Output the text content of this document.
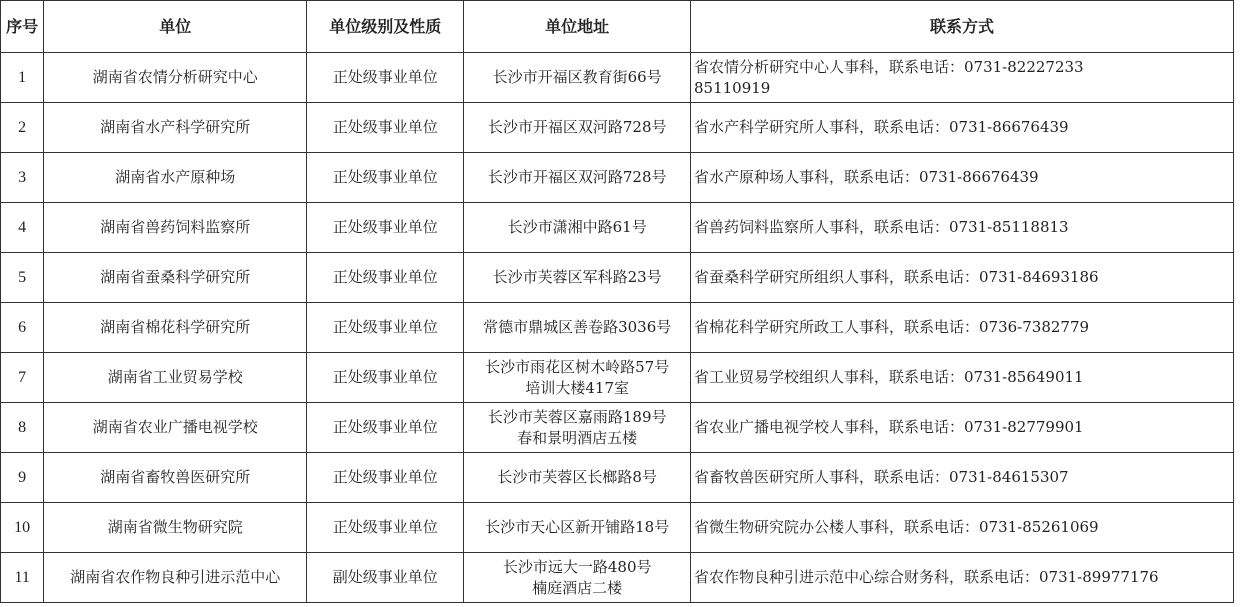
序号	单位	单位级别及性质	单位地址	联系方式
1	湖南省农情分析研究中心	正处级事业单位	长沙市开福区教育街66号	省农情分析研究中心人事科，联系电话：0731-82227233
85110919
2	湖南省水产科学研究所	正处级事业单位	长沙市开福区双河路728号	省水产科学研究所人事科，联系电话：0731-86676439
3	湖南省水产原种场	正处级事业单位	长沙市开福区双河路728号	省水产原种场人事科，联系电话：0731-86676439
4	湖南省兽药饲料监察所	正处级事业单位	长沙市潇湘中路61号	省兽药饲料监察所人事科，联系电话：0731-85118813
5	湖南省蚕桑科学研究所	正处级事业单位	长沙市芙蓉区军科路23号	省蚕桑科学研究所组织人事科，联系电话：0731-84693186
6	湖南省棉花科学研究所	正处级事业单位	常德市鼎城区善卷路3036号	省棉花科学研究所政工人事科，联系电话：0736-7382779
7	湖南省工业贸易学校	正处级事业单位	长沙市雨花区树木岭路57号
培训大楼417室	省工业贸易学校组织人事科，联系电话：0731-85649011
8	湖南省农业广播电视学校	正处级事业单位	长沙市芙蓉区嘉雨路189号
春和景明酒店五楼	省农业广播电视学校人事科，联系电话：0731-82779901
9	湖南省畜牧兽医研究所	正处级事业单位	长沙市芙蓉区长榔路8号	省畜牧兽医研究所人事科，联系电话：0731-84615307
10	湖南省微生物研究院	正处级事业单位	长沙市天心区新开铺路18号	省微生物研究院办公楼人事科，联系电话：0731-85261069
11	湖南省农作物良种引进示范中心	副处级事业单位	长沙市远大一路480号
楠庭酒店二楼	省农作物良种引进示范中心综合财务科，联系电话：0731-89977176
